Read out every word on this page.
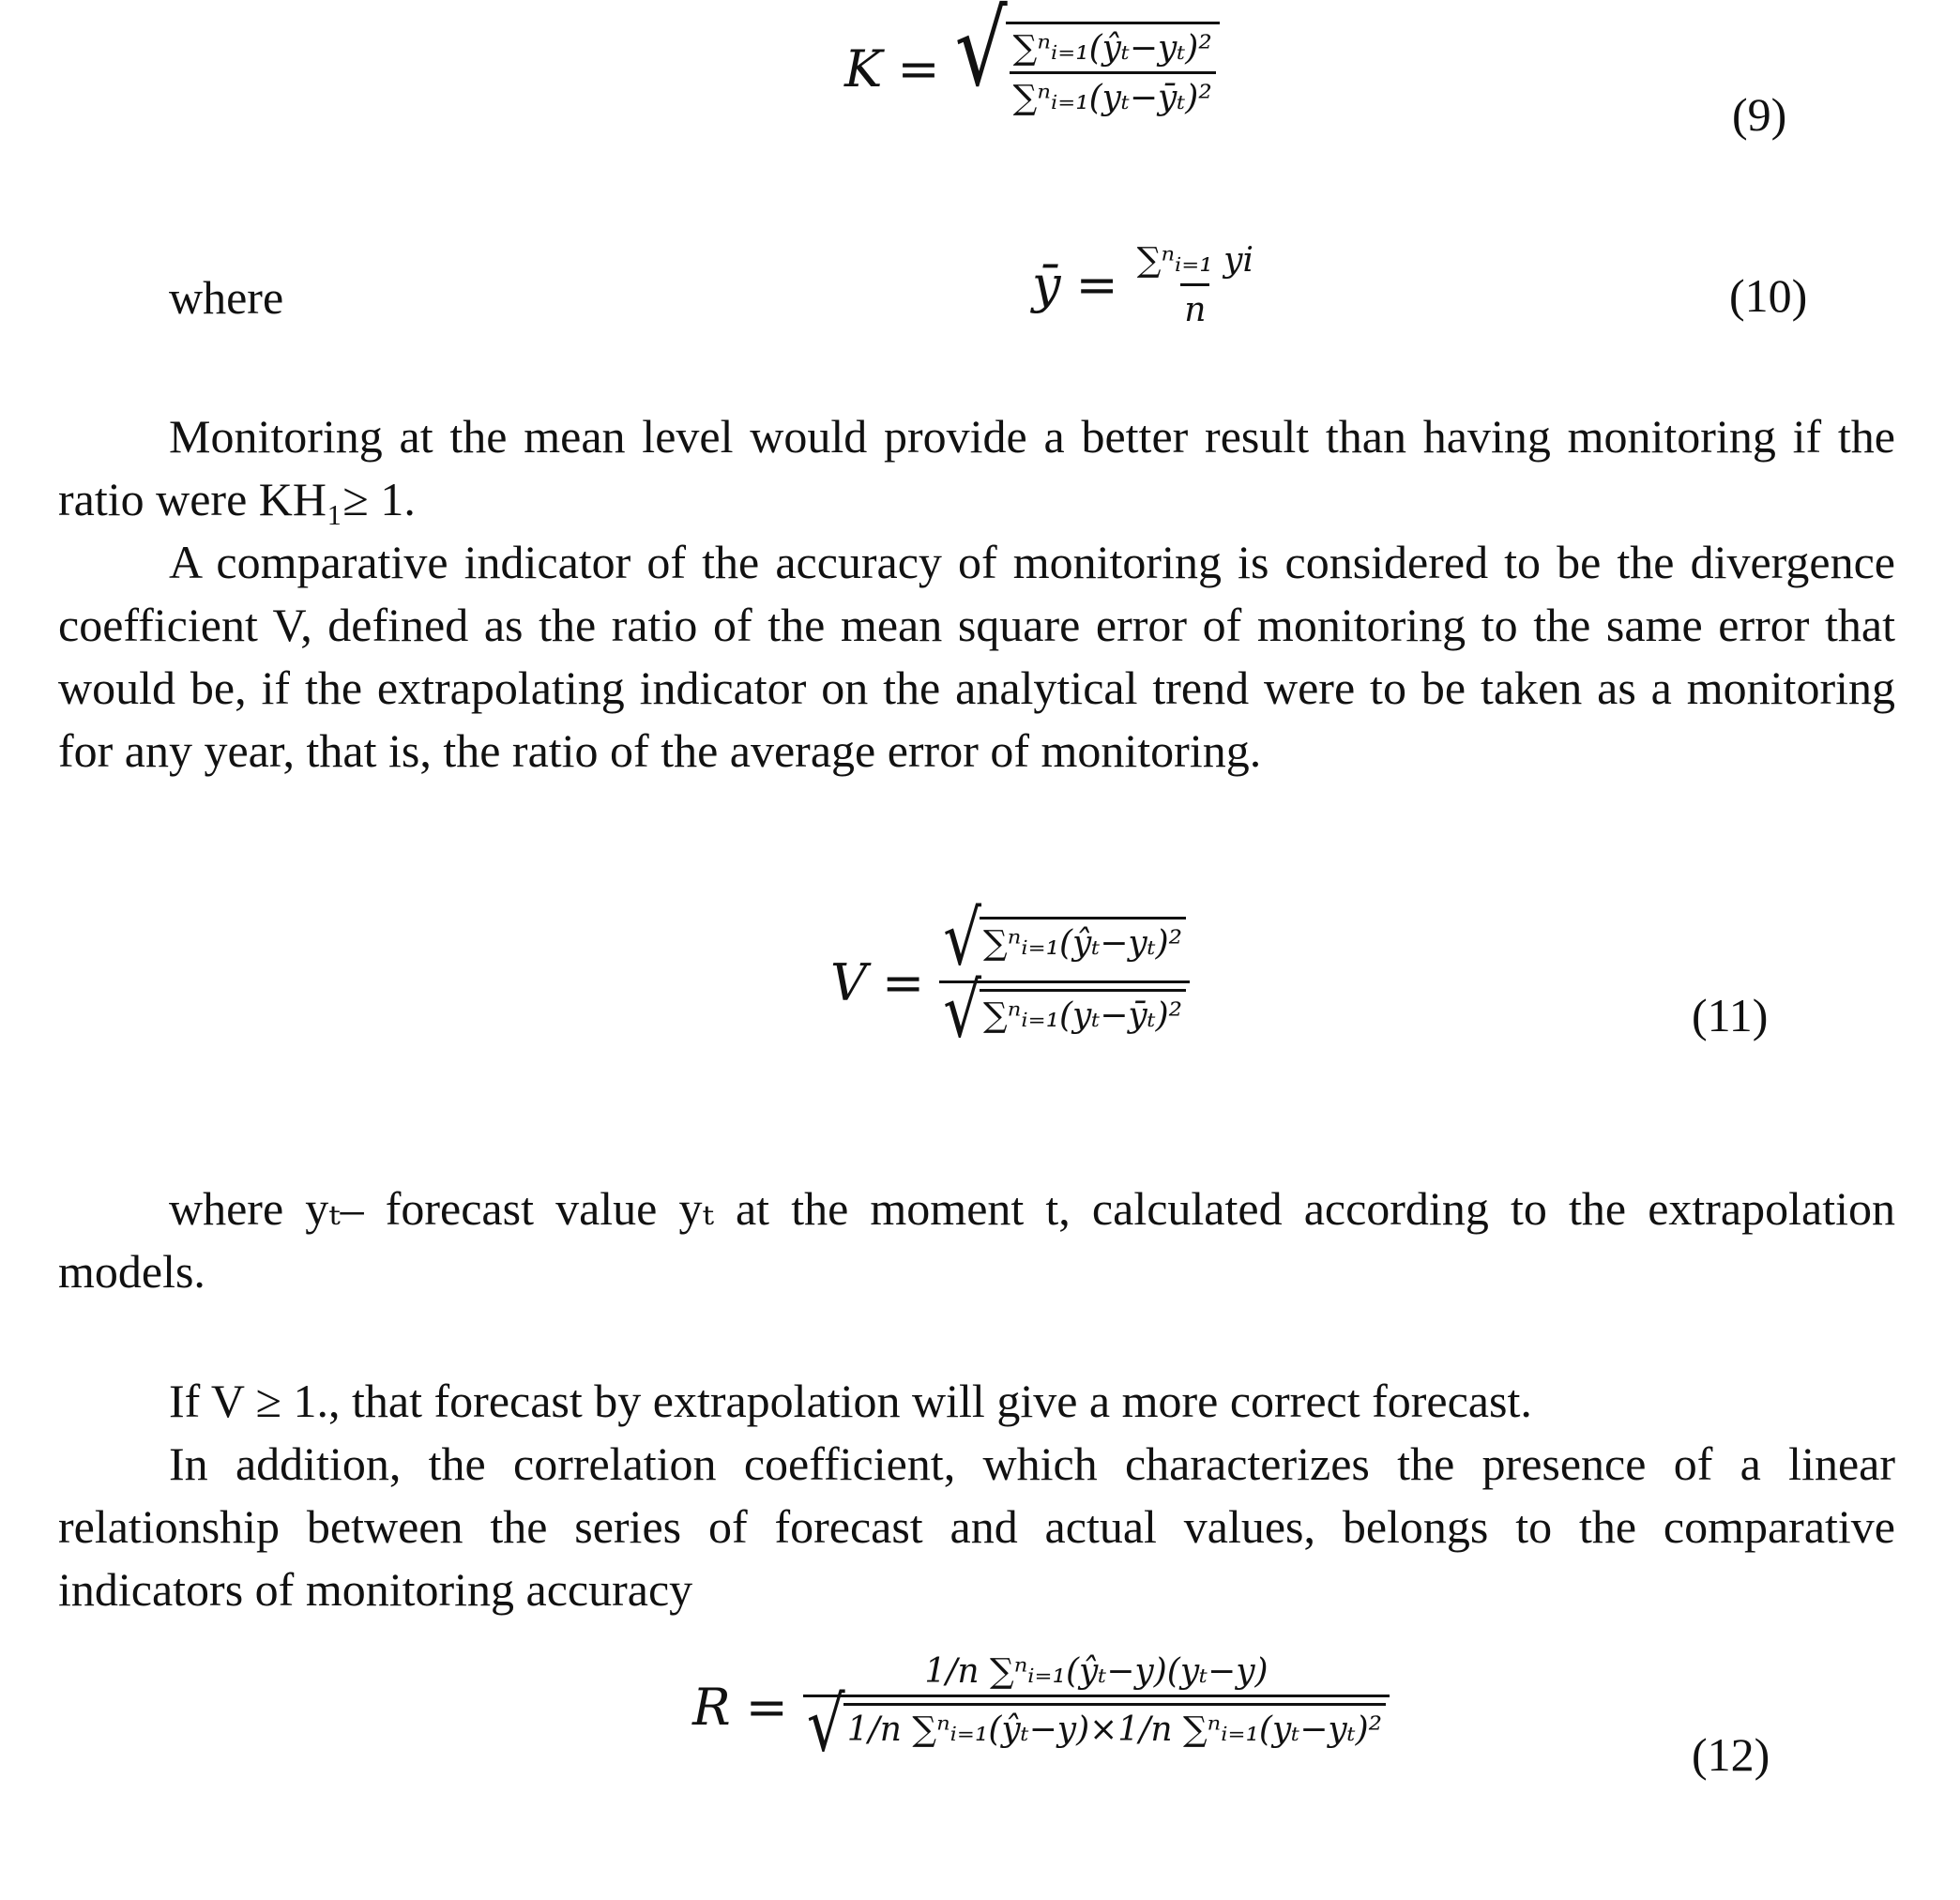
K = √ $\frac{\text{∑ⁿᵢ₌₁(ŷₜ−yₜ)²}}{\text{∑ⁿᵢ₌₁(yₜ−ȳₜ)²}}$	(9)
where	ȳ = $\frac{\text{∑ⁿᵢ₌₁ yi}}{n}$	(10)
Monitoring at the mean level would provide a better result than having monitoring if the ratio were KH₁≥ 1.
A comparative indicator of the accuracy of monitoring is considered to be the divergence coefficient V, defined as the ratio of the mean square error of monitoring to the same error that would be, if the extrapolating indicator on the analytical trend were to be taken as a monitoring for any year, that is, the ratio of the average error of monitoring.
$V = \frac{\text{√ ∑ⁿᵢ₌₁(ŷₜ−yₜ)²}}{\text{√ ∑ⁿᵢ₌₁(yₜ−ȳₜ)²}}$	(11)
where yₜ– forecast value yₜ at the moment t, calculated according to the extrapolation models.
If V ≥ 1., that forecast by extrapolation will give a more correct forecast.
In addition, the correlation coefficient, which characterizes the presence of a linear relationship between the series of forecast and actual values, belongs to the comparative indicators of monitoring accuracy
$R = \frac{\text{1/n ∑ⁿᵢ₌₁(ŷₜ−y)(yₜ−y)}}{\text{√ 1/n ∑ⁿᵢ₌₁(ŷₜ−y)×1/n ∑ⁿᵢ₌₁(yₜ−yₜ)²}}$	(12)
